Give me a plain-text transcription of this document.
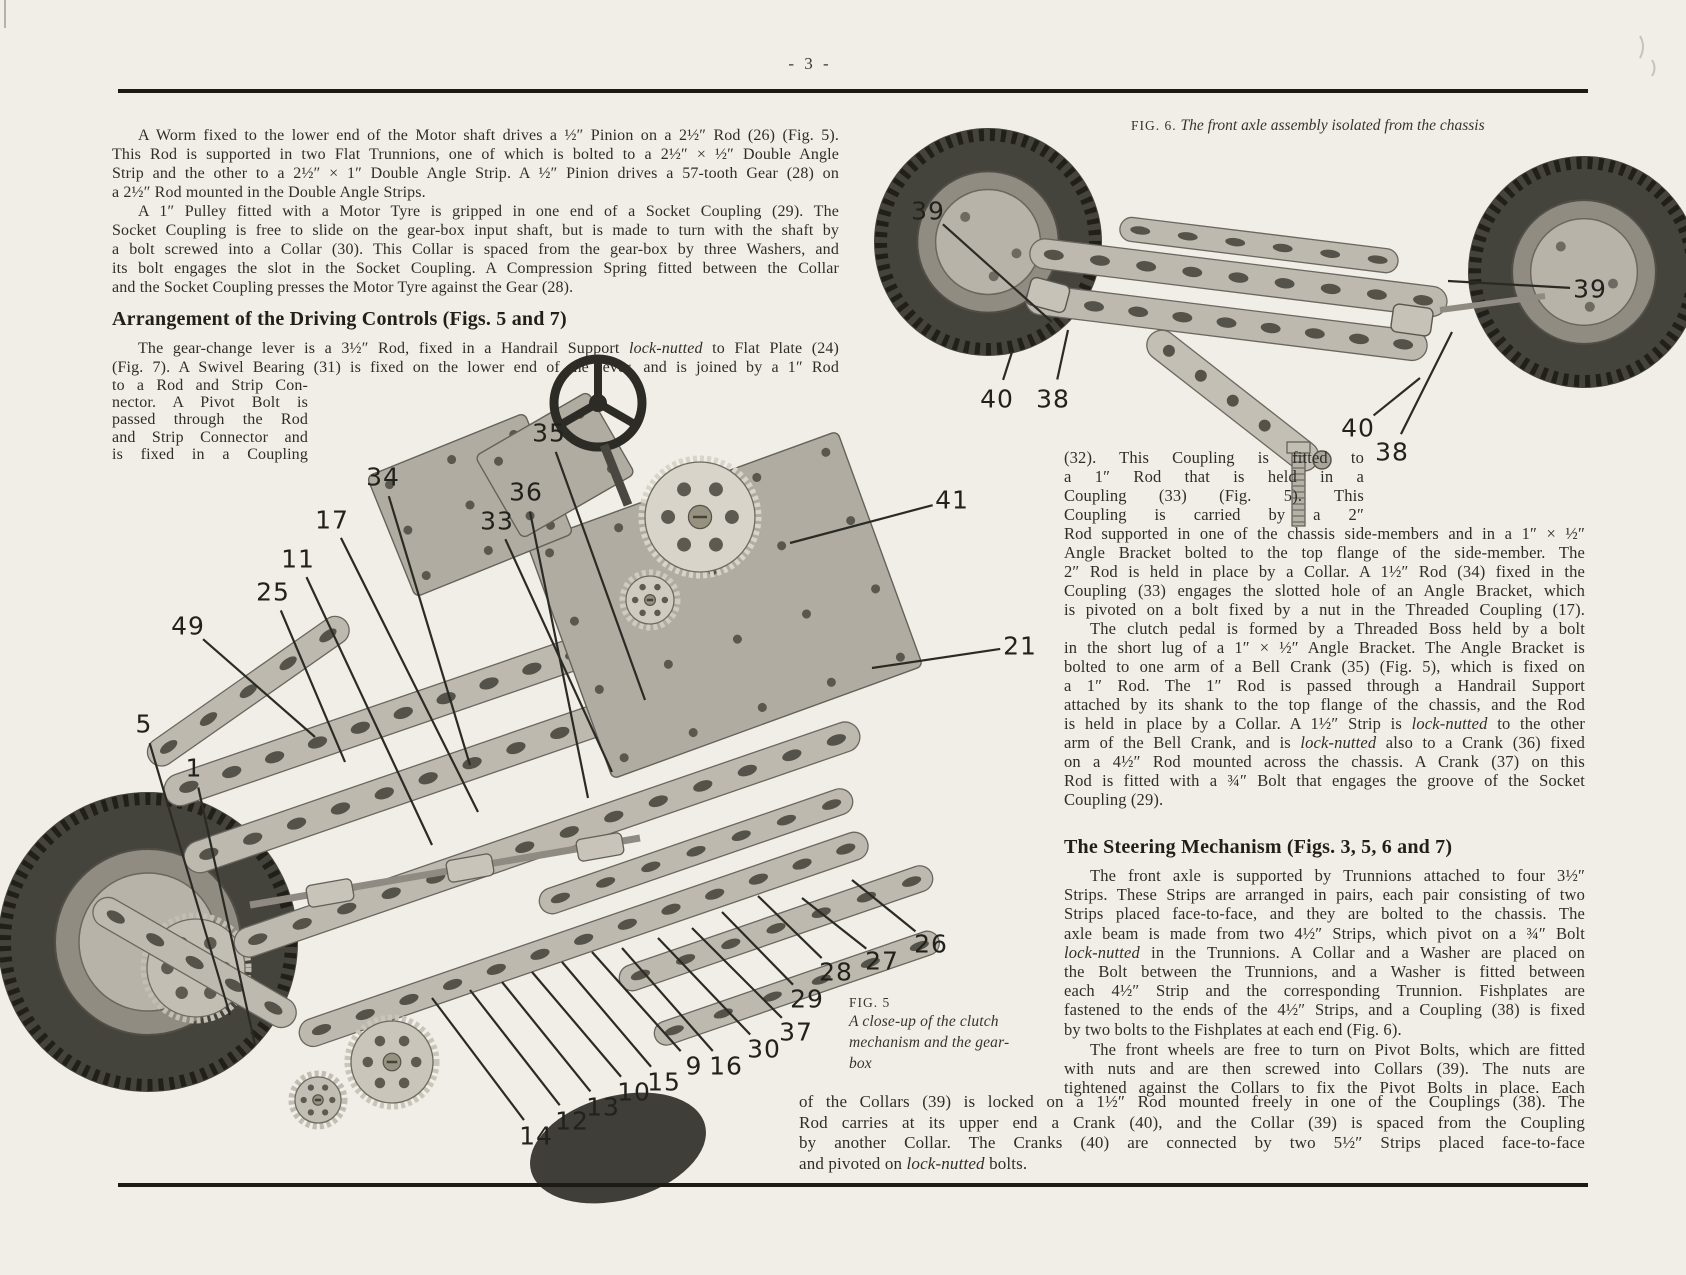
- 3 -
A Worm fixed to the lower end of the Motor shaft drives a ½″ Pinion on a 2½″ Rod (26) (Fig. 5).
This Rod is supported in two Flat Trunnions, one of which is bolted to a 2½″ × ½″ Double Angle
Strip and the other to a 2½″ × 1″ Double Angle Strip. A ½″ Pinion drives a 57-tooth Gear (28) on
a 2½″ Rod mounted in the Double Angle Strips.
A 1″ Pulley fitted with a Motor Tyre is gripped in one end of a Socket Coupling (29). The
Socket Coupling is free to slide on the gear-box input shaft, but is made to turn with the shaft by
a bolt screwed into a Collar (30). This Collar is spaced from the gear-box by three Washers, and
its bolt engages the slot in the Socket Coupling. A Compression Spring fitted between the Collar
and the Socket Coupling presses the Motor Tyre against the Gear (28).
Arrangement of the Driving Controls (Figs. 5 and 7)
The gear-change lever is a 3½″ Rod, fixed in a Handrail Support lock-nutted to Flat Plate (24)
(Fig. 7). A Swivel Bearing (31) is fixed on the lower end of the lever, and is joined by a 1″ Rod
to a Rod and Strip Con-
nector. A Pivot Bolt is
passed through the Rod
and Strip Connector and
is fixed in a Coupling
FIG. 6. The front axle assembly isolated from the chassis
(32). This Coupling is fitted to
a 1″ Rod that is held in a
Coupling (33) (Fig. 5). This
Coupling is carried by a 2″
Rod supported in one of the chassis side-members and in a 1″ × ½″
Angle Bracket bolted to the top flange of the side-member. The
2″ Rod is held in place by a Collar. A 1½″ Rod (34) fixed in the
Coupling (33) engages the slotted hole of an Angle Bracket, which
is pivoted on a bolt fixed by a nut in the Threaded Coupling (17).
The clutch pedal is formed by a Threaded Boss held by a bolt
in the short lug of a 1″ × ½″ Angle Bracket. The Angle Bracket is
bolted to one arm of a Bell Crank (35) (Fig. 5), which is fixed on
a 1″ Rod. The 1″ Rod is passed through a Handrail Support
attached by its shank to the top flange of the chassis, and the Rod
is held in place by a Collar. A 1½″ Strip is lock-nutted to the other
arm of the Bell Crank, and is lock-nutted also to a Crank (36) fixed
on a 4½″ Rod mounted across the chassis. A Crank (37) on this
Rod is fitted with a ¾″ Bolt that engages the groove of the Socket
Coupling (29).
The Steering Mechanism (Figs. 3, 5, 6 and 7)
The front axle is supported by Trunnions attached to four 3½″
Strips. These Strips are arranged in pairs, each pair consisting of two
Strips placed face-to-face, and they are bolted to the chassis. The
axle beam is made from two 4½″ Strips, which pivot on a ¾″ Bolt
lock-nutted in the Trunnions. A Collar and a Washer are placed on
the Bolt between the Trunnions, and a Washer is fitted between
each 4½″ Strip and the corresponding Trunnion. Fishplates are
fastened to the ends of the 4½″ Strips, and a Coupling (38) is fixed
by two bolts to the Fishplates at each end (Fig. 6).
The front wheels are free to turn on Pivot Bolts, which are fitted
with nuts and are then screwed into Collars (39). The nuts are
tightened against the Collars to fix the Pivot Bolts in place. Each
of the Collars (39) is locked on a 1½″ Rod mounted freely in one of the Couplings (38). The
Rod carries at its upper end a Crank (40), and the Collar (39) is spaced from the Coupling
by another Collar. The Cranks (40) are connected by two 5½″ Strips placed face-to-face
and pivoted on lock-nutted bolts.
FIG. 5
A close-up of the clutch
mechanism and the gear-
box
35
34
36
33
17
11
25
49
5
1
41
21
26
27
28
29
37
30
16
9
15
10
13
12
14
39
40 38
39
40
38
